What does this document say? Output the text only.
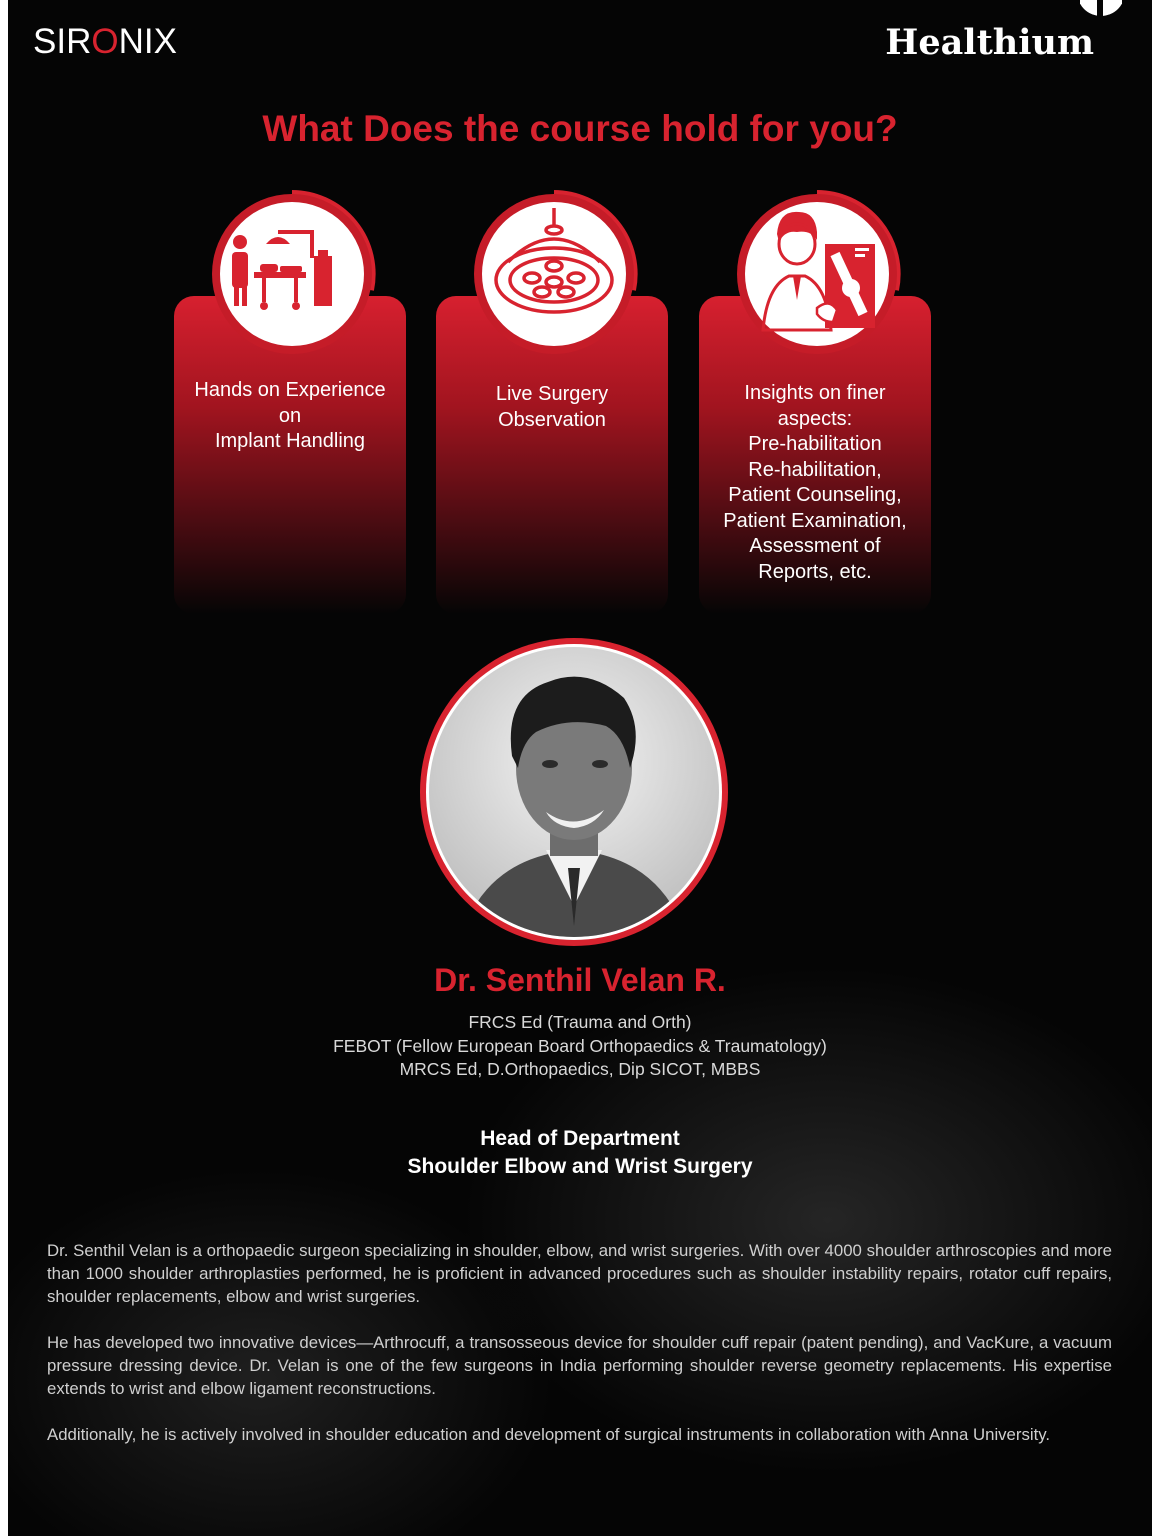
SIRONIX	Healthium
What Does the course hold for you?
Hands on Experience
on
Implant Handling
Live Surgery
Observation
Insights on finer
aspects:
Pre-habilitation
Re-habilitation,
Patient Counseling,
Patient Examination,
Assessment of
Reports, etc.
Dr. Senthil Velan R.
FRCS Ed (Trauma and Orth)
FEBOT (Fellow European Board Orthopaedics & Traumatology)
MRCS Ed, D.Orthopaedics, Dip SICOT, MBBS
Head of Department
Shoulder Elbow and Wrist Surgery

Dr. Senthil Velan is a orthopaedic surgeon specializing in shoulder, elbow, and wrist surgeries. With over 4000 shoulder arthroscopies and more than 1000 shoulder arthroplasties performed, he is proficient in advanced procedures such as shoulder instability repairs, rotator cuff repairs, shoulder replacements, elbow and wrist surgeries.

He has developed two innovative devices—Arthrocuff, a transosseous device for shoulder cuff repair (patent pending), and VacKure, a vacuum pressure dressing device. Dr. Velan is one of the few surgeons in India performing shoulder reverse geometry replacements. His expertise extends to wrist and elbow ligament reconstructions.

Additionally, he is actively involved in shoulder education and development of surgical instruments in collaboration with Anna University.
